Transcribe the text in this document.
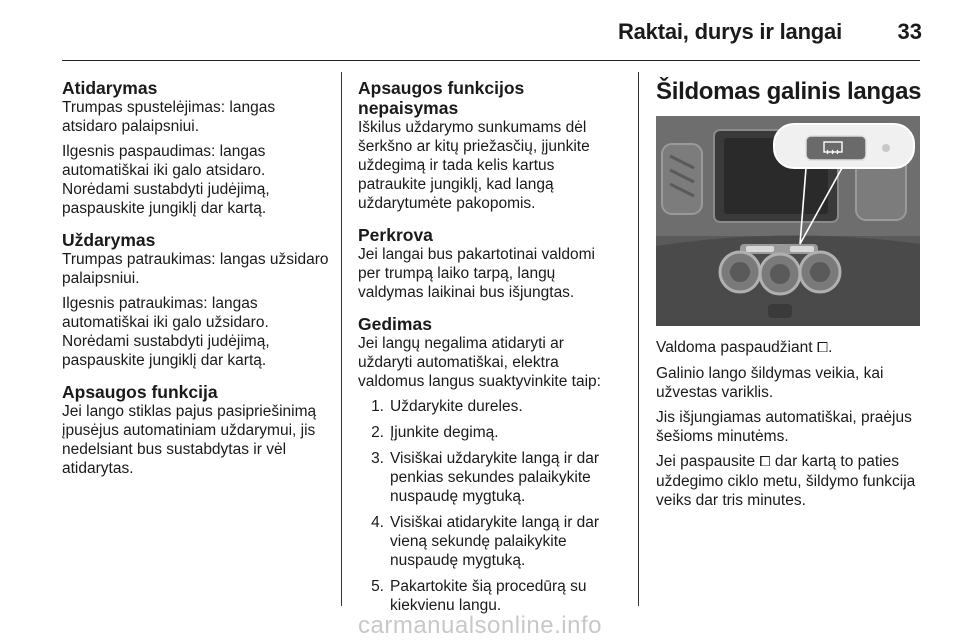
Raktai, durys ir langai	33
Atidarymas

Trumpas spustelėjimas: langas atsidaro palaipsniui.

Ilgesnis paspaudimas: langas automatiškai iki galo atsidaro. Norėdami sustabdyti judėjimą, paspauskite jungiklį dar kartą.

Uždarymas

Trumpas patraukimas: langas užsidaro palaipsniui.

Ilgesnis patraukimas: langas automatiškai iki galo užsidaro. Norėdami sustabdyti judėjimą, paspauskite jungiklį dar kartą.

Apsaugos funkcija

Jei lango stiklas pajus pasipriešinimą įpusėjus automatiniam uždarymui, jis nedelsiant bus sustabdytas ir vėl atidarytas.

Apsaugos funkcijos nepaisymas

Iškilus uždarymo sunkumams dėl šerkšno ar kitų priežasčių, įjunkite uždegimą ir tada kelis kartus patraukite jungiklį, kad langą uždarytumėte pakopomis.

Perkrova

Jei langai bus pakartotinai valdomi per trumpą laiko tarpą, langų valdymas laikinai bus išjungtas.

Gedimas

Jei langų negalima atidaryti ar uždaryti automatiškai, elektra valdomus langus suaktyvinkite taip:

1. Uždarykite dureles.
2. Įjunkite degimą.
3. Visiškai uždarykite langą ir dar penkias sekundes palaikykite nuspaudę mygtuką.
4. Visiškai atidarykite langą ir dar vieną sekundę palaikykite nuspaudę mygtuką.
5. Pakartokite šią procedūrą su kiekvienu langu.
Šildomas galinis langas

Valdoma paspaudžiant ⧠.

Galinio lango šildymas veikia, kai užvestas variklis.

Jis išjungiamas automatiškai, praėjus šešioms minutėms.

Jei paspausite ⧠ dar kartą to paties uždegimo ciklo metu, šildymo funkcija veiks dar tris minutes.

carmanualsonline.info
